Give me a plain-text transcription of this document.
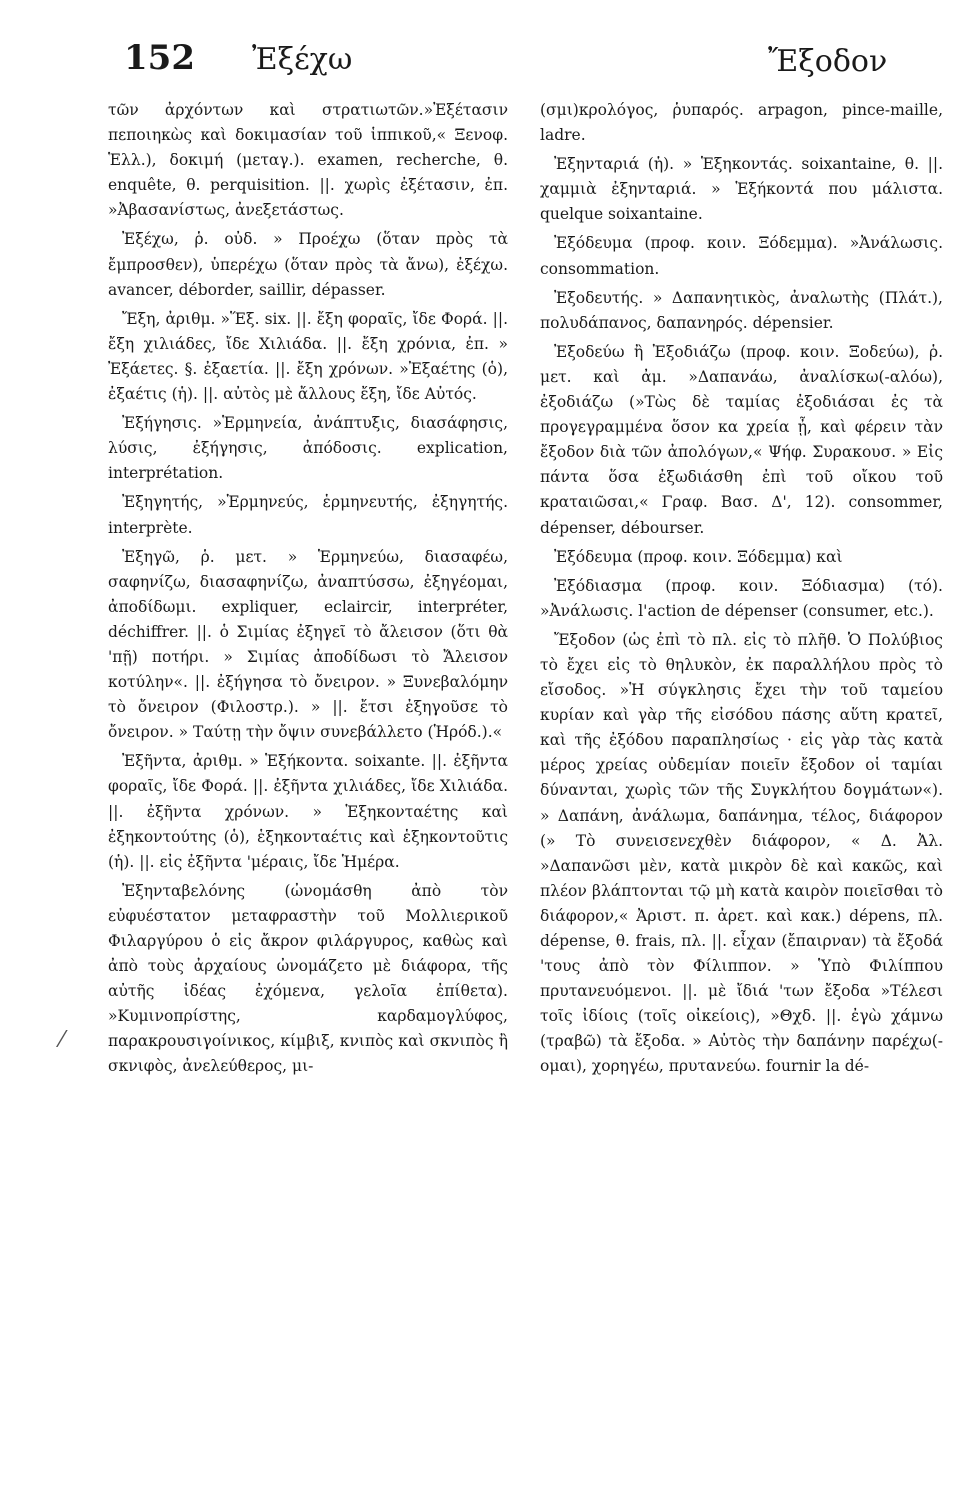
152 Ἐξέχω	Ἔξοδον

τῶν ἀρχόντων καὶ στρατιωτῶν.»Ἐξέτασιν πεποιηκὼς καὶ δοκιμασίαν τοῦ ἱππικοῦ,« Ξενοφ. Ἑλλ.), δοκιμή (μεταγ.). examen, recherche, θ. enquête, θ. perquisition. ||. χωρὶς ἐξέτασιν, ἐπ. »Ἀβασανίστως, ἀνεξετάστως.

Ἐξέχω, ῥ. οὐδ. » Προέχω (ὅταν πρὸς τὰ ἔμπροσθεν), ὑπερέχω (ὅταν πρὸς τὰ ἄνω), ἐξέχω. avancer, déborder, saillir, dépasser.

Ἔξη, ἀριθμ. »Ἕξ. six. ||. ἔξη φοραῖς, ἴδε Φορά. ||. ἔξη χιλιάδες, ἴδε Χιλιάδα. ||. ἔξη χρόνια, ἐπ. » Ἐξάετες. §. ἐξαετία. ||. ἔξη χρόνων. »Ἐξαέτης (ὁ), ἐξαέτις (ἡ). ||. αὐτὸς μὲ ἄλλους ἔξη, ἴδε Αὐτός.

Ἐξήγησις. »Ἑρμηνεία, ἀνάπτυξις, διασάφησις, λύσις, ἐξήγησις, ἀπόδοσις. explication, interprétation.

Ἐξηγητής, »Ἑρμηνεύς, ἑρμηνευτής, ἐξηγητής. interprète.

Ἐξηγῶ, ῥ. μετ. » Ἑρμηνεύω, διασαφέω, σαφηνίζω, διασαφηνίζω, ἀναπτύσσω, ἐξηγέομαι, ἀποδίδωμι. expliquer, eclaircir, interpréter, déchiffrer. ||. ὁ Σιμίας ἐξηγεῖ τὸ ἄλεισον (ὅτι θὰ 'πῇ) ποτήρι. » Σιμίας ἀποδίδωσι τὸ Ἄλεισον κοτύλην«. ||. ἐξήγησα τὸ ὄνειρον. » Ξυνεβαλόμην τὸ ὄνειρον (Φιλοστρ.). » ||. ἔτσι ἐξηγοῦσε τὸ ὄνειρον. » Ταύτῃ τὴν ὄψιν συνεβάλλετο (Ἡρόδ.).«

Ἐξῆντα, ἀριθμ. » Ἑξήκοντα. soixante. ||. ἐξῆντα φοραῖς, ἴδε Φορά. ||. ἐξῆντα χιλιάδες, ἴδε Χιλιάδα. ||. ἐξῆντα χρόνων. » Ἑξηκονταέτης καὶ ἐξηκοντούτης (ὁ), ἑξηκονταέτις καὶ ἑξηκοντοῦτις (ἡ). ||. εἰς ἐξῆντα 'μέραις, ἴδε Ἡμέρα.

Ἐξηνταβελόνης (ὠνομάσθη ἀπὸ τὸν εὐφυέστατον μεταφραστὴν τοῦ Μολλιερικοῦ Φιλαργύρου ὁ εἰς ἄκρον φιλάργυρος, καθὼς καὶ ἀπὸ τοὺς ἀρχαίους ὠνομάζετο μὲ διάφορα, τῆς αὐτῆς ἰδέας ἐχόμενα, γελοῖα ἐπίθετα). »Κυμινοπρίστης, καρδαμογλύφος, παρακρουσιγοίνικος, κίμβιξ, κνιπὸς καὶ σκνιπὸς ἢ σκνιφὸς, ἀνελεύθερος, μι-

(σμι)κρολόγος, ῥυπαρός. arpagon, pince-maille, ladre.

Ἐξηνταριά (ἡ). » Ἑξηκοντάς. soixantaine, θ. ||. χαμμιὰ ἐξηνταριά. » Ἑξήκοντά που μάλιστα. quelque soixantaine.

Ἐξόδευμα (προφ. κοιν. Ξόδεμμα). »Ἀνάλωσις. consommation.

Ἐξοδευτής. » Δαπανητικὸς, ἀναλωτὴς (Πλάτ.), πολυδάπανος, δαπανηρός. dépensier.

Ἐξοδεύω ἢ Ἐξοδιάζω (προφ. κοιν. Ξοδεύω), ῥ. μετ. καὶ ἀμ. »Δαπανάω, ἀναλίσκω(-αλόω), ἐξοδιάζω (»Τὼς δὲ ταμίας ἐξοδιάσαι ἐς τὰ προγεγραμμένα ὅσον κα χρεία ᾖ, καὶ φέρειν τὰν ἔξοδον διὰ τῶν ἀπολόγων,« Ψήφ. Συρακουσ. » Εἰς πάντα ὅσα ἐξωδιάσθη ἐπὶ τοῦ οἴκου τοῦ κραταιῶσαι,« Γραφ. Βασ. Δ', 12). consommer, dépenser, débourser.

Ἐξόδευμα (προφ. κοιν. Ξόδεμμα) καὶ

Ἐξόδιασμα (προφ. κοιν. Ξόδιασμα) (τό). »Ἀνάλωσις. l'action de dépenser (consumer, etc.).

Ἔξοδον (ὡς ἐπὶ τὸ πλ. εἰς τὸ πλῆθ. Ὁ Πολύβιος τὸ ἔχει εἰς τὸ θηλυκὸν, ἐκ παραλλήλου πρὸς τὸ εἴσοδος. »Ἡ σύγκλησις ἔχει τὴν τοῦ ταμείου κυρίαν καὶ γὰρ τῆς εἰσόδου πάσης αὕτη κρατεῖ, καὶ τῆς ἐξόδου παραπλησίως · εἰς γὰρ τὰς κατὰ μέρος χρείας οὐδεμίαν ποιεῖν ἔξοδον οἱ ταμίαι δύνανται, χωρὶς τῶν τῆς Συγκλήτου δογμάτων«). » Δαπάνη, ἀνάλωμα, δαπάνημα, τέλος, διάφορον (» Τὸ συνεισενεχθὲν διάφορον, « Δ. Ἀλ. »Δαπανῶσι μὲν, κατὰ μικρὸν δὲ καὶ κακῶς, καὶ πλέον βλάπτονται τῷ μὴ κατὰ καιρὸν ποιεῖσθαι τὸ διάφορον,« Ἀριστ. π. ἀρετ. καὶ κακ.) dépens, πλ. dépense, θ. frais, πλ. ||. εἶχαν (ἔπαιρναν) τὰ ἔξοδά 'τους ἀπὸ τὸν Φίλιππον. » Ὑπὸ Φιλίππου πρυτανευόμενοι. ||. μὲ ἴδιά 'των ἔξοδα »Τέλεσι τοῖς ἰδίοις (τοῖς οἰκείοις), »Θχδ. ||. ἐγὼ χάμνω (τραβῶ) τὰ ἔξοδα. » Αὐτὸς τὴν δαπάνην παρέχω(-ομαι), χορηγέω, πρυτανεύω. fournir la dé-

⁄
